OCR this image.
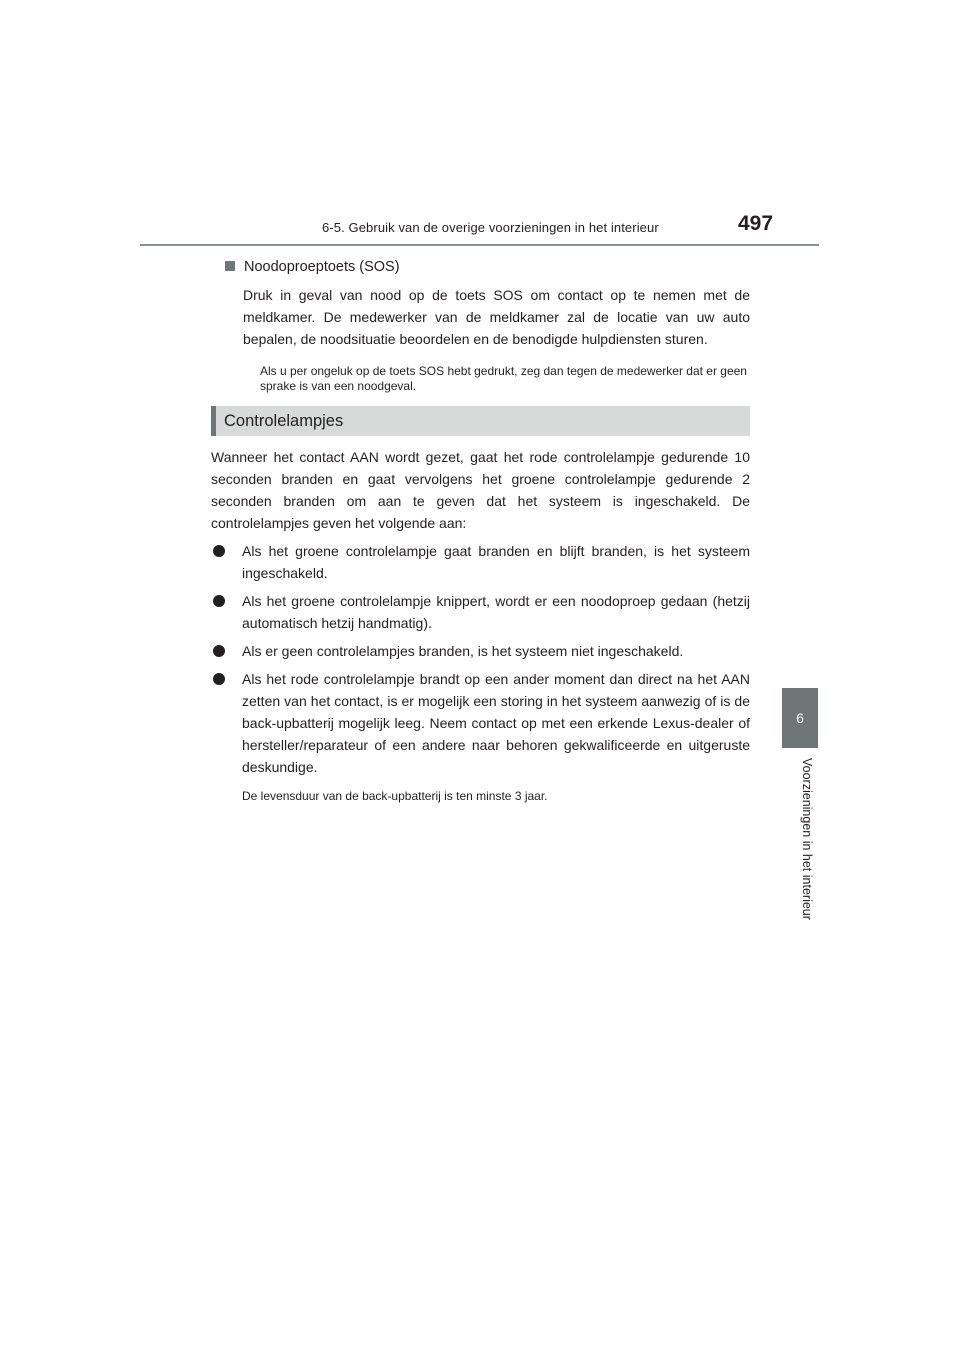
6-5. Gebruik van de overige voorzieningen in het interieur	497
6
Voorzieningen in het interieur
Noodoproeptoets (SOS)

Druk in geval van nood op de toets SOS om contact op te nemen met de meldkamer. De medewerker van de meldkamer zal de locatie van uw auto bepalen, de noodsituatie beoordelen en de benodigde hulpdiensten sturen.

Als u per ongeluk op de toets SOS hebt gedrukt, zeg dan tegen de medewerker dat er geen sprake is van een noodgeval.

Controlelampjes

Wanneer het contact AAN wordt gezet, gaat het rode controlelampje gedurende 10 seconden branden en gaat vervolgens het groene controlelampje gedurende 2 seconden branden om aan te geven dat het systeem is ingeschakeld. De controlelampjes geven het volgende aan:

Als het groene controlelampje gaat branden en blijft branden, is het systeem ingeschakeld.
Als het groene controlelampje knippert, wordt er een noodoproep gedaan (hetzij automatisch hetzij handmatig).
Als er geen controlelampjes branden, is het systeem niet ingeschakeld.
Als het rode controlelampje brandt op een ander moment dan direct na het AAN zetten van het contact, is er mogelijk een storing in het systeem aanwezig of is de back-upbatterij mogelijk leeg. Neem contact op met een erkende Lexus-dealer of hersteller/reparateur of een andere naar behoren gekwalificeerde en uitgeruste deskundige.

De levensduur van de back-upbatterij is ten minste 3 jaar.
